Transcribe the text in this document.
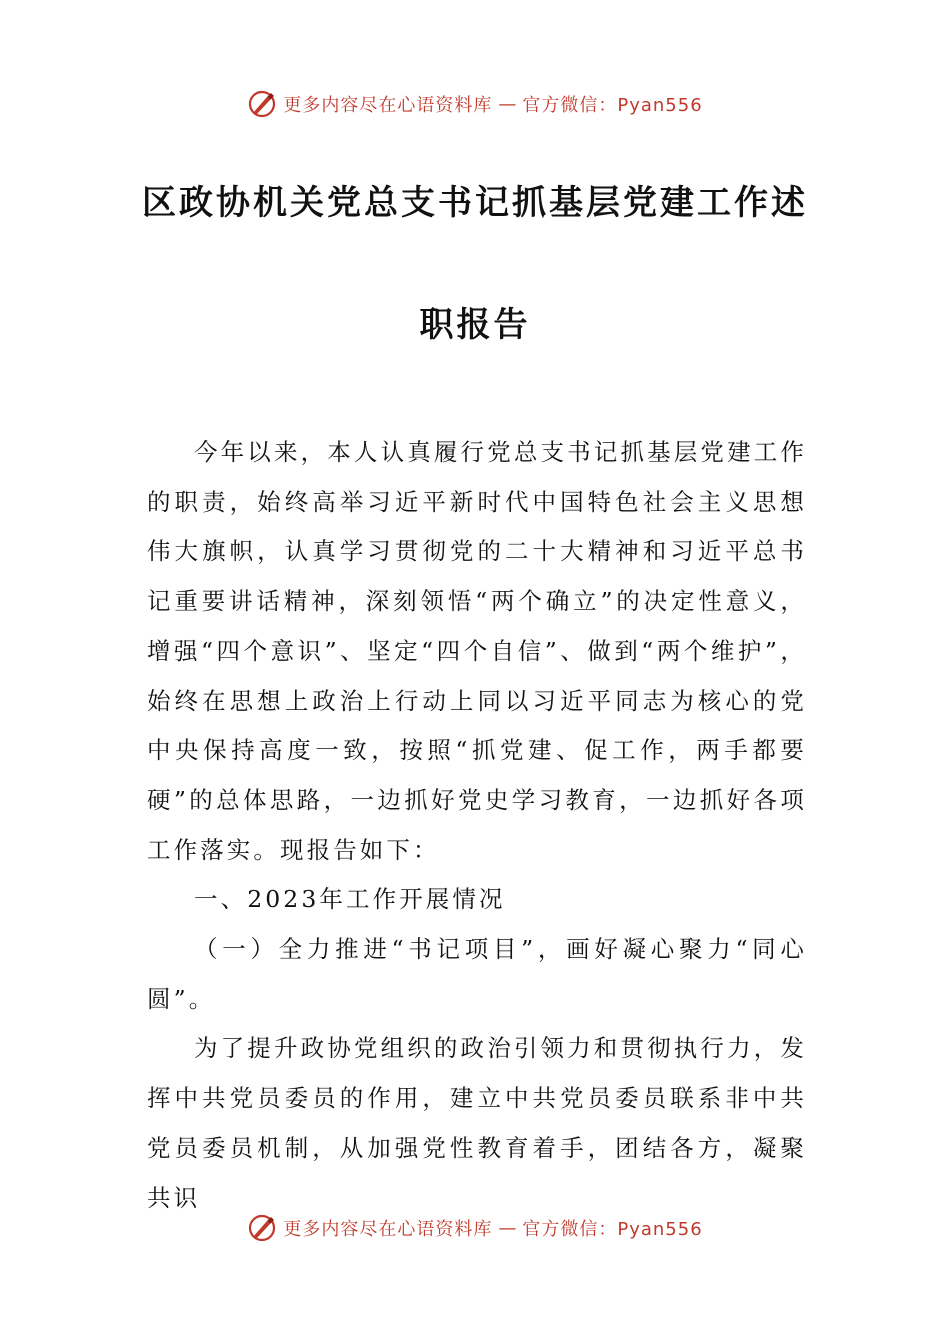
更多内容尽在心语资料库 — 官方微信：Pyan556
区政协机关党总支书记抓基层党建工作述
职报告

今年以来，本人认真履行党总支书记抓基层党建工作的职责，始终高举习近平新时代中国特色社会主义思想伟大旗帜，认真学习贯彻党的二十大精神和习近平总书记重要讲话精神，深刻领悟“两个确立”的决定性意义，增强“四个意识”、坚定“四个自信”、做到“两个维护”，始终在思想上政治上行动上同以习近平同志为核心的党中央保持高度一致，按照“抓党建、促工作，两手都要硬”的总体思路，一边抓好党史学习教育，一边抓好各项工作落实。现报告如下：

一、2023年工作开展情况

（一）全力推进“书记项目”，画好凝心聚力“同心圆”。

为了提升政协党组织的政治引领力和贯彻执行力，发挥中共党员委员的作用，建立中共党员委员联系非中共党员委员机制，从加强党性教育着手，团结各方，凝聚共识

更多内容尽在心语资料库 — 官方微信：Pyan556
